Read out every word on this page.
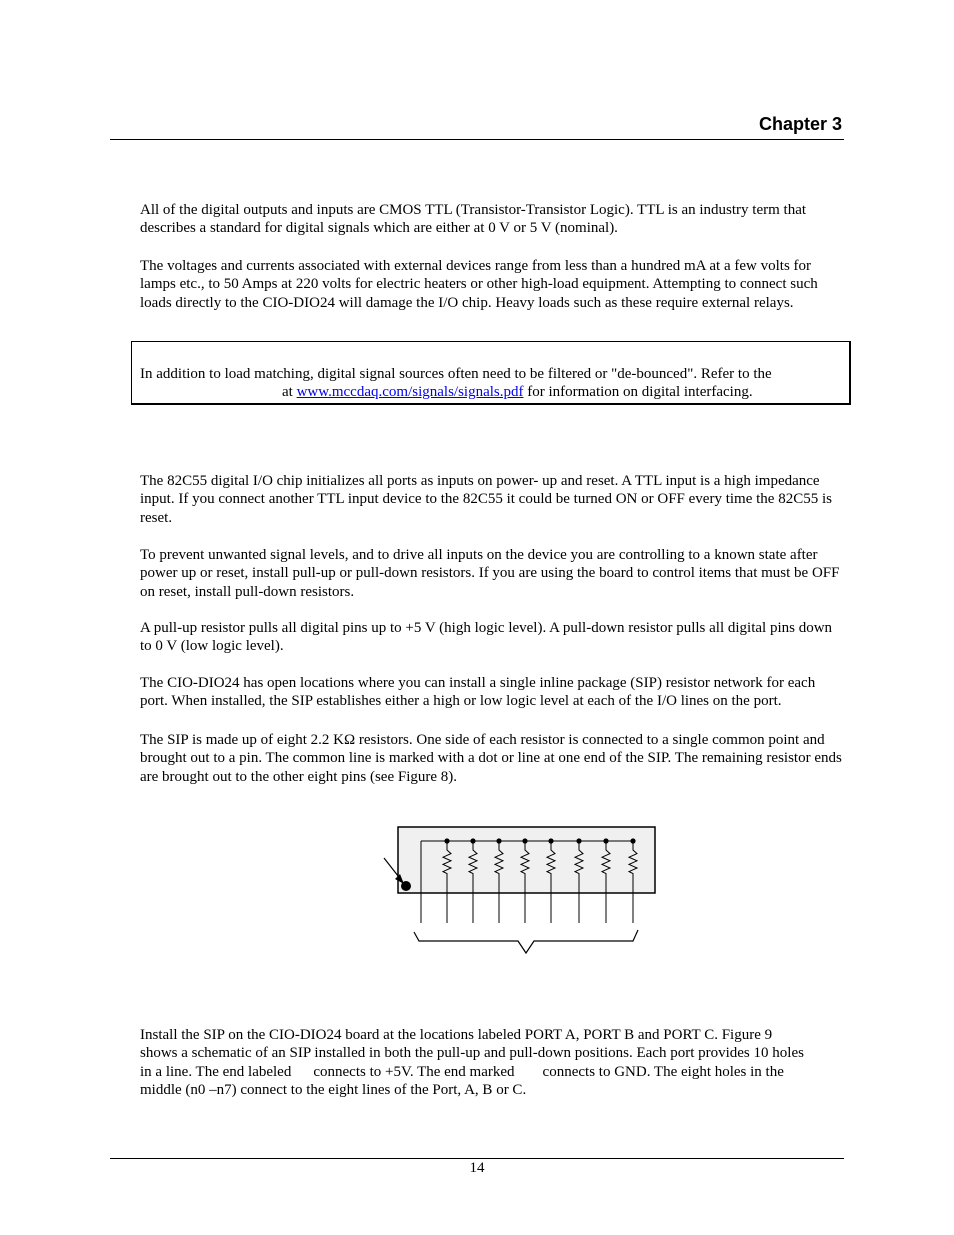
Chapter 3

All of the digital outputs and inputs are CMOS TTL (Transistor-Transistor Logic). TTL is an industry term that describes a standard for digital signals which are either at 0 V or 5 V (nominal).

The voltages and currents associated with external devices range from less than a hundred mA at a few volts for lamps etc., to 50 Amps at 220 volts for electric heaters or other high-load equipment. Attempting to connect such loads directly to the CIO-DIO24 will damage the I/O chip. Heavy loads such as these require external relays.

In addition to load matching, digital signal sources often need to be filtered or "de-bounced". Refer to the
at www.mccdaq.com/signals/signals.pdf for information on digital interfacing.

The 82C55 digital I/O chip initializes all ports as inputs on power- up and reset. A TTL input is a high impedance input. If you connect another TTL input device to the 82C55 it could be turned ON or OFF every time the 82C55 is reset.

To prevent unwanted signal levels, and to drive all inputs on the device you are controlling to a known state after power up or reset, install pull-up or pull-down resistors. If you are using the board to control items that must be OFF on reset, install pull-down resistors.

A pull-up resistor pulls all digital pins up to +5 V (high logic level). A pull-down resistor pulls all digital pins down to 0 V (low logic level).

The CIO-DIO24 has open locations where you can install a single inline package (SIP) resistor network for each port. When installed, the SIP establishes either a high or low logic level at each of the I/O lines on the port.

The SIP is made up of eight 2.2 KΩ resistors. One side of each resistor is connected to a single common point and brought out to a pin. The common line is marked with a dot or line at one end of the SIP. The remaining resistor ends are brought out to the other eight pins (see Figure 8).

Install the SIP on the CIO-DIO24 board at the locations labeled PORT A, PORT B and PORT C. Figure 9
shows a schematic of an SIP installed in both the pull-up and pull-down positions. Each port provides 10 holes
in a line. The end labeled connects to +5V. The end marked connects to GND. The eight holes in the
middle (n0 –n7) connect to the eight lines of the Port, A, B or C.

14
